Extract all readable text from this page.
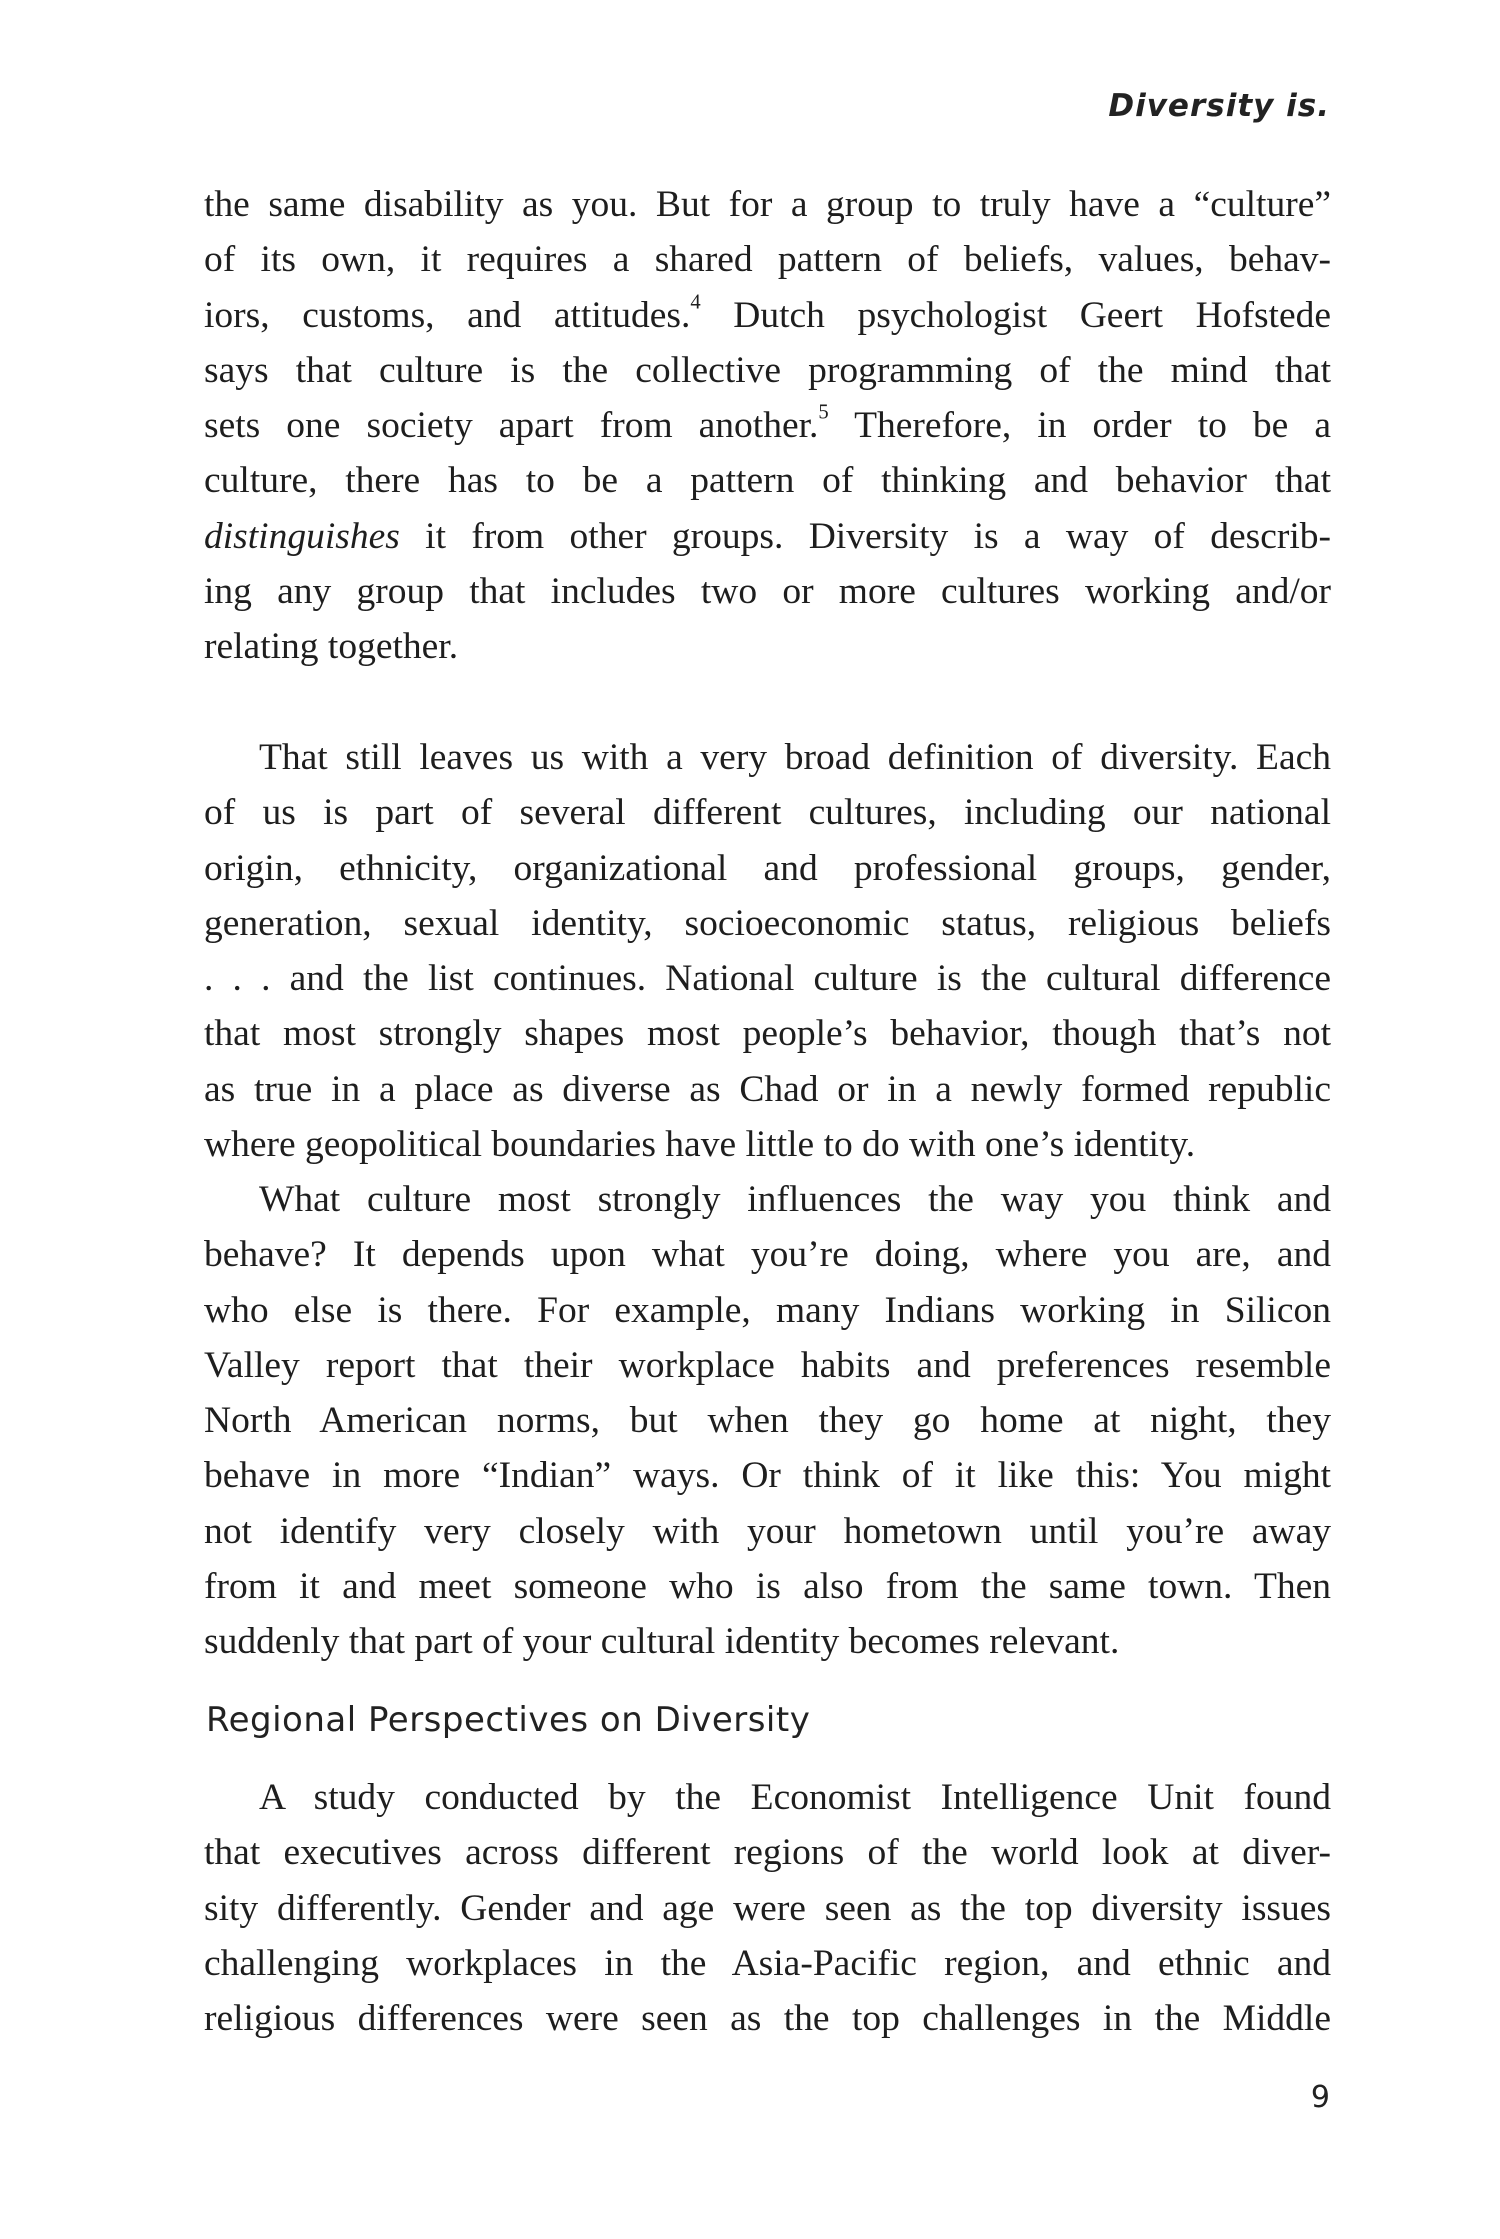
Diversity is.
the same disability as you. But for a group to truly have a “culture”
of its own, it requires a shared pattern of beliefs, values, behav-
iors, customs, and attitudes.$^4$ Dutch psychologist Geert Hofstede
says that culture is the collective programming of the mind that
sets one society apart from another.$^5$ Therefore, in order to be a
culture, there has to be a pattern of thinking and behavior that
distinguishes it from other groups. Diversity is a way of describ-
ing any group that includes two or more cultures working and/or
relating together.
That still leaves us with a very broad definition of diversity. Each
of us is part of several different cultures, including our national
origin, ethnicity, organizational and professional groups, gender,
generation, sexual identity, socioeconomic status, religious beliefs
. . . and the list continues. National culture is the cultural difference
that most strongly shapes most people’s behavior, though that’s not
as true in a place as diverse as Chad or in a newly formed republic
where geopolitical boundaries have little to do with one’s identity.
What culture most strongly influences the way you think and
behave? It depends upon what you’re doing, where you are, and
who else is there. For example, many Indians working in Silicon
Valley report that their workplace habits and preferences resemble
North American norms, but when they go home at night, they
behave in more “Indian” ways. Or think of it like this: You might
not identify very closely with your hometown until you’re away
from it and meet someone who is also from the same town. Then
suddenly that part of your cultural identity becomes relevant.
Regional Perspectives on Diversity
A study conducted by the Economist Intelligence Unit found
that executives across different regions of the world look at diver-
sity differently. Gender and age were seen as the top diversity issues
challenging workplaces in the Asia-Pacific region, and ethnic and
religious differences were seen as the top challenges in the Middle
9
